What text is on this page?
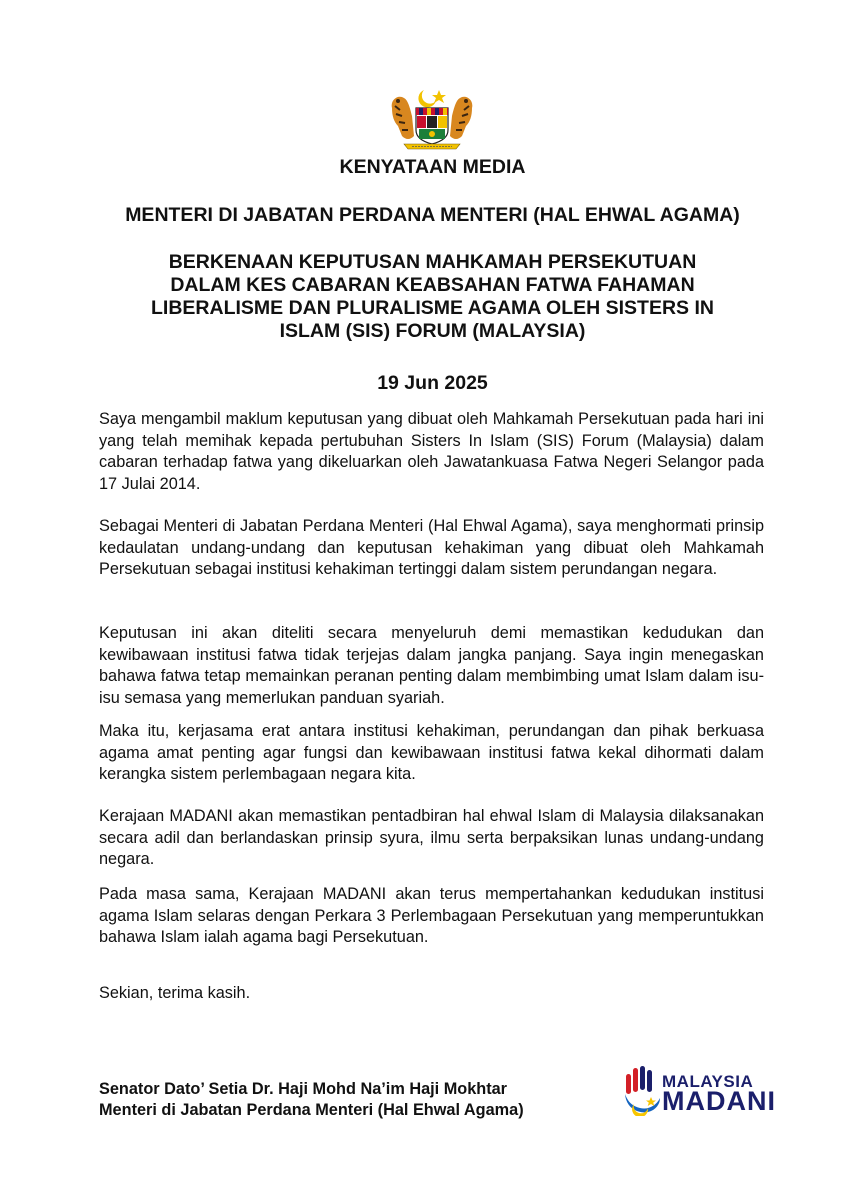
KENYATAAN MEDIA
MENTERI DI JABATAN PERDANA MENTERI (HAL EHWAL AGAMA)
BERKENAAN KEPUTUSAN MAHKAMAH PERSEKUTUAN
DALAM KES CABARAN KEABSAHAN FATWA FAHAMAN
LIBERALISME DAN PLURALISME AGAMA OLEH SISTERS IN
ISLAM (SIS) FORUM (MALAYSIA)
19 Jun 2025

Saya mengambil maklum keputusan yang dibuat oleh Mahkamah Persekutuan pada hari ini yang telah memihak kepada pertubuhan Sisters In Islam (SIS) Forum (Malaysia) dalam cabaran terhadap fatwa yang dikeluarkan oleh Jawatankuasa Fatwa Negeri Selangor pada 17 Julai 2014.

Sebagai Menteri di Jabatan Perdana Menteri (Hal Ehwal Agama), saya menghormati prinsip kedaulatan undang-undang dan keputusan kehakiman yang dibuat oleh Mahkamah Persekutuan sebagai institusi kehakiman tertinggi dalam sistem perundangan negara.

Keputusan ini akan diteliti secara menyeluruh demi memastikan kedudukan dan kewibawaan institusi fatwa tidak terjejas dalam jangka panjang. Saya ingin menegaskan bahawa fatwa tetap memainkan peranan penting dalam membimbing umat Islam dalam isu-isu semasa yang memerlukan panduan syariah.

Maka itu, kerjasama erat antara institusi kehakiman, perundangan dan pihak berkuasa agama amat penting agar fungsi dan kewibawaan institusi fatwa kekal dihormati dalam kerangka sistem perlembagaan negara kita.

Kerajaan MADANI akan memastikan pentadbiran hal ehwal Islam di Malaysia dilaksanakan secara adil dan berlandaskan prinsip syura, ilmu serta berpaksikan lunas undang-undang negara.

Pada masa sama, Kerajaan MADANI akan terus mempertahankan kedudukan institusi agama Islam selaras dengan Perkara 3 Perlembagaan Persekutuan yang memperuntukkan bahawa Islam ialah agama bagi Persekutuan.

Sekian, terima kasih.

Senator Dato’ Setia Dr. Haji Mohd Na’im Haji Mokhtar
Menteri di Jabatan Perdana Menteri (Hal Ehwal Agama)
MALAYSIA
MADANI
